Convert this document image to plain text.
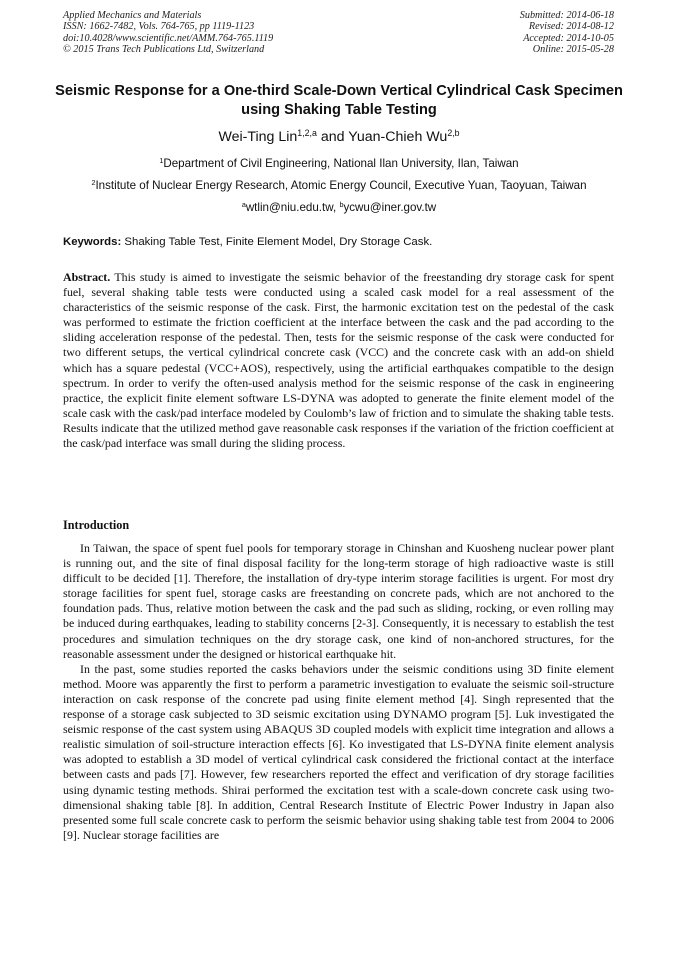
Applied Mechanics and Materials
ISSN: 1662-7482, Vols. 764-765, pp 1119-1123
doi:10.4028/www.scientific.net/AMM.764-765.1119
© 2015 Trans Tech Publications Ltd, Switzerland
Submitted: 2014-06-18
Revised: 2014-08-12
Accepted: 2014-10-05
Online: 2015-05-28
Seismic Response for a One-third Scale-Down Vertical Cylindrical Cask Specimen using Shaking Table Testing
Wei-Ting Lin$^{1,2,a}$ and Yuan-Chieh Wu$^{2,b}$
$^1$Department of Civil Engineering, National Ilan University, Ilan, Taiwan
$^2$Institute of Nuclear Energy Research, Atomic Energy Council, Executive Yuan, Taoyuan, Taiwan
$^a$wtlin@niu.edu.tw, $^b$ycwu@iner.gov.tw
Keywords: Shaking Table Test, Finite Element Model, Dry Storage Cask.
Abstract. This study is aimed to investigate the seismic behavior of the freestanding dry storage cask for spent fuel, several shaking table tests were conducted using a scaled cask model for a real assessment of the characteristics of the seismic response of the cask. First, the harmonic excitation test on the pedestal of the cask was performed to estimate the friction coefficient at the interface between the cask and the pad according to the sliding acceleration response of the pedestal. Then, tests for the seismic response of the cask were conducted for two different setups, the vertical cylindrical concrete cask (VCC) and the concrete cask with an add-on shield which has a square pedestal (VCC+AOS), respectively, using the artificial earthquakes compatible to the design spectrum. In order to verify the often-used analysis method for the seismic response of the cask in engineering practice, the explicit finite element software LS-DYNA was adopted to generate the finite element model of the scale cask with the cask/pad interface modeled by Coulomb’s law of friction and to simulate the shaking table tests. Results indicate that the utilized method gave reasonable cask responses if the variation of the friction coefficient at the cask/pad interface was small during the sliding process.
Introduction

In Taiwan, the space of spent fuel pools for temporary storage in Chinshan and Kuosheng nuclear power plant is running out, and the site of final disposal facility for the long-term storage of high radioactive waste is still difficult to be decided [1]. Therefore, the installation of dry-type interim storage facilities is urgent. For most dry storage facilities for spent fuel, storage casks are freestanding on concrete pads, which are not anchored to the foundation pads. Thus, relative motion between the cask and the pad such as sliding, rocking, or even rolling may be induced during earthquakes, leading to stability concerns [2-3]. Consequently, it is necessary to establish the test procedures and simulation techniques on the dry storage cask, one kind of non-anchored structures, for the reasonable assessment under the designed or historical earthquake hit.

In the past, some studies reported the casks behaviors under the seismic conditions using 3D finite element method. Moore was apparently the first to perform a parametric investigation to evaluate the seismic soil-structure interaction on cask response of the concrete pad using finite element method [4]. Singh represented that the response of a storage cask subjected to 3D seismic excitation using DYNAMO program [5]. Luk investigated the seismic response of the cast system using ABAQUS 3D coupled models with explicit time integration and allows a realistic simulation of soil-structure interaction effects [6]. Ko investigated that LS-DYNA finite element analysis was adopted to establish a 3D model of vertical cylindrical cask considered the frictional contact at the interface between casts and pads [7]. However, few researchers reported the effect and verification of dry storage facilities using dynamic testing methods. Shirai performed the excitation test with a scale-down concrete cask using two-dimensional shaking table [8]. In addition, Central Research Institute of Electric Power Industry in Japan also presented some full scale concrete cask to perform the seismic behavior using shaking table test from 2004 to 2006 [9]. Nuclear storage facilities are
